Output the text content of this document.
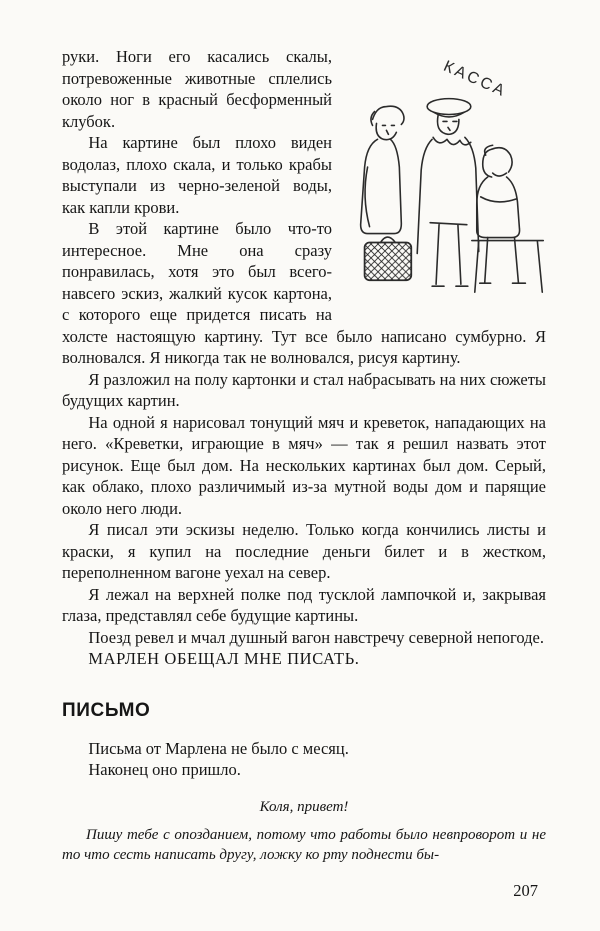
КАССА

руки. Ноги его касались скалы, потревоженные животные сплелись около ног в красный бесформенный клубок.

На картине был плохо виден водолаз, плохо скала, и только крабы выступали из черно-зеленой воды, как капли крови.

В этой картине было что-то интересное. Мне она сразу понравилась, хотя это был всего-навсего эскиз, жалкий кусок картона, с которого еще придется писать на холсте настоящую картину. Тут все было написано сумбурно. Я волновался. Я никогда так не волновался, рисуя картину.

Я разложил на полу картонки и стал набрасывать на них сюжеты будущих картин.

На одной я нарисовал тонущий мяч и креветок, нападающих на него. «Креветки, играющие в мяч» — так я решил назвать этот рисунок. Еще был дом. На нескольких картинах был дом. Серый, как облако, плохо различимый из-за мутной воды дом и парящие около него люди.

Я писал эти эскизы неделю. Только когда кончились листы и краски, я купил на последние деньги билет и в жестком, переполненном вагоне уехал на север.

Я лежал на верхней полке под тусклой лампочкой и, закрывая глаза, представлял себе будущие картины.

Поезд ревел и мчал душный вагон навстречу северной непогоде.

МАРЛЕН ОБЕЩАЛ МНЕ ПИСАТЬ.

ПИСЬМО

Письма от Марлена не было с месяц.

Наконец оно пришло.

Коля, привет!

Пишу тебе с опозданием, потому что работы было невпроворот и не то что сесть написать другу, ложку ко рту поднести бы-

207
